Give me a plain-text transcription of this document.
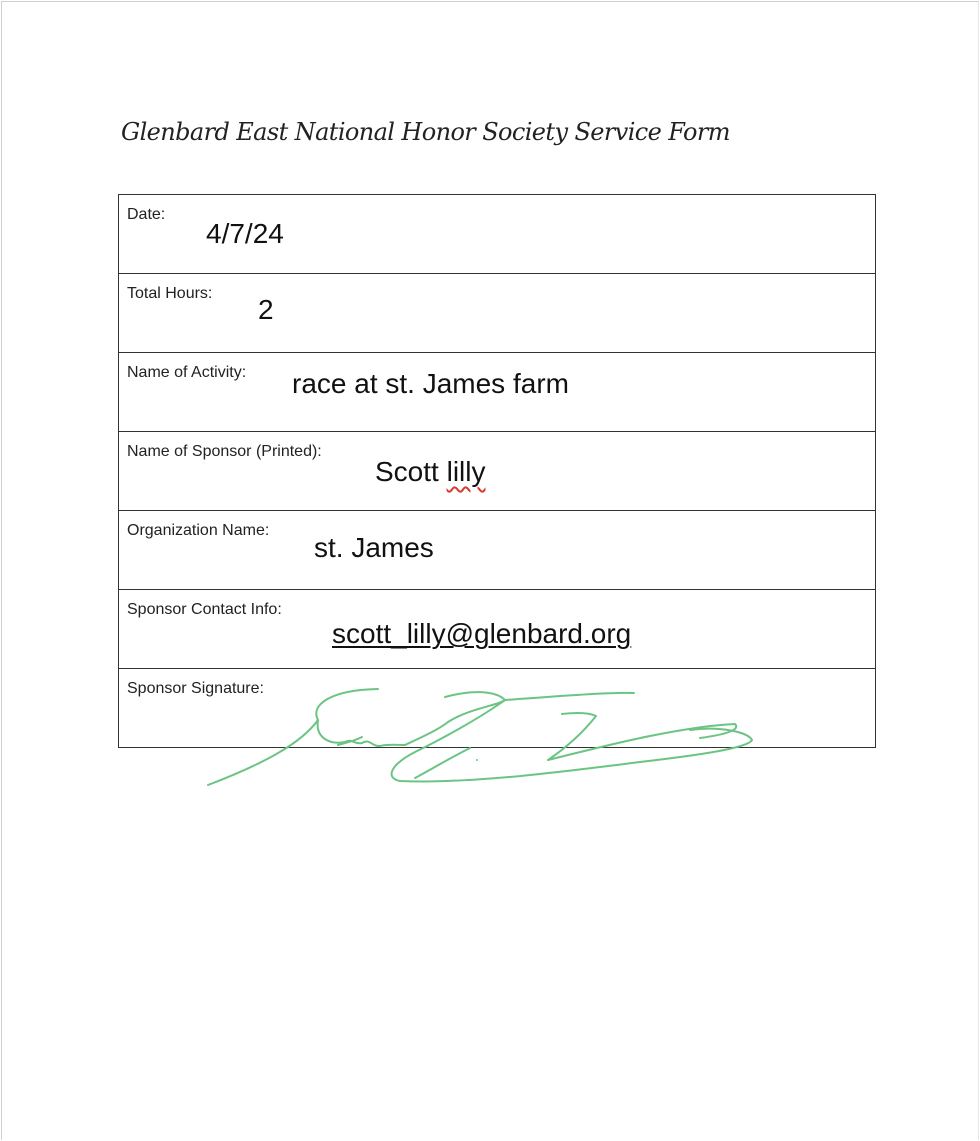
Glenbard East National Honor Society Service Form
Date:
4/7/24
Total Hours:
2
Name of Activity: race at st. James farm
Name of Sponsor (Printed):
Scott lilly
Organization Name:
st. James
Sponsor Contact Info:
scott_lilly@glenbard.org
Sponsor Signature:
